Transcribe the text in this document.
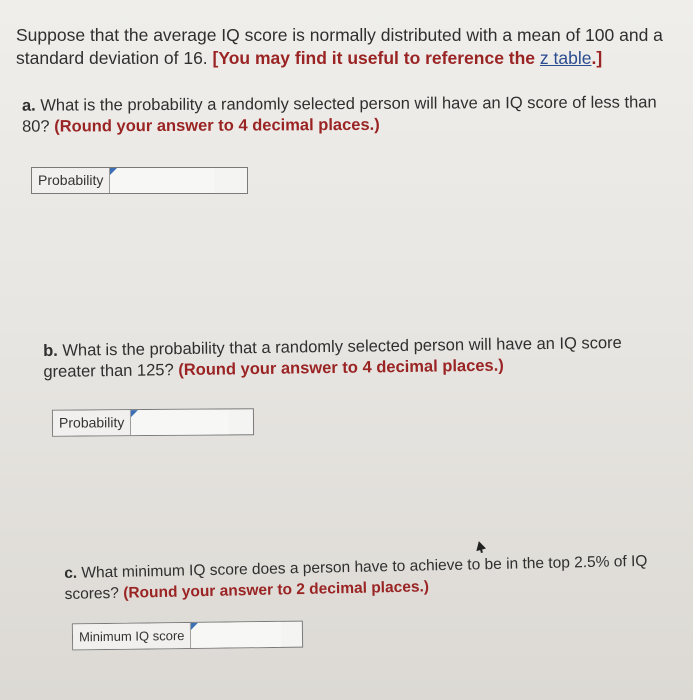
Suppose that the average IQ score is normally distributed with a mean of 100 and a standard deviation of 16. [You may find it useful to reference the z table.]
a. What is the probability a randomly selected person will have an IQ score of less than 80? (Round your answer to 4 decimal places.)
Probability
b. What is the probability that a randomly selected person will have an IQ score greater than 125? (Round your answer to 4 decimal places.)
Probability
c. What minimum IQ score does a person have to achieve to be in the top 2.5% of IQ scores? (Round your answer to 2 decimal places.)
Minimum IQ score
